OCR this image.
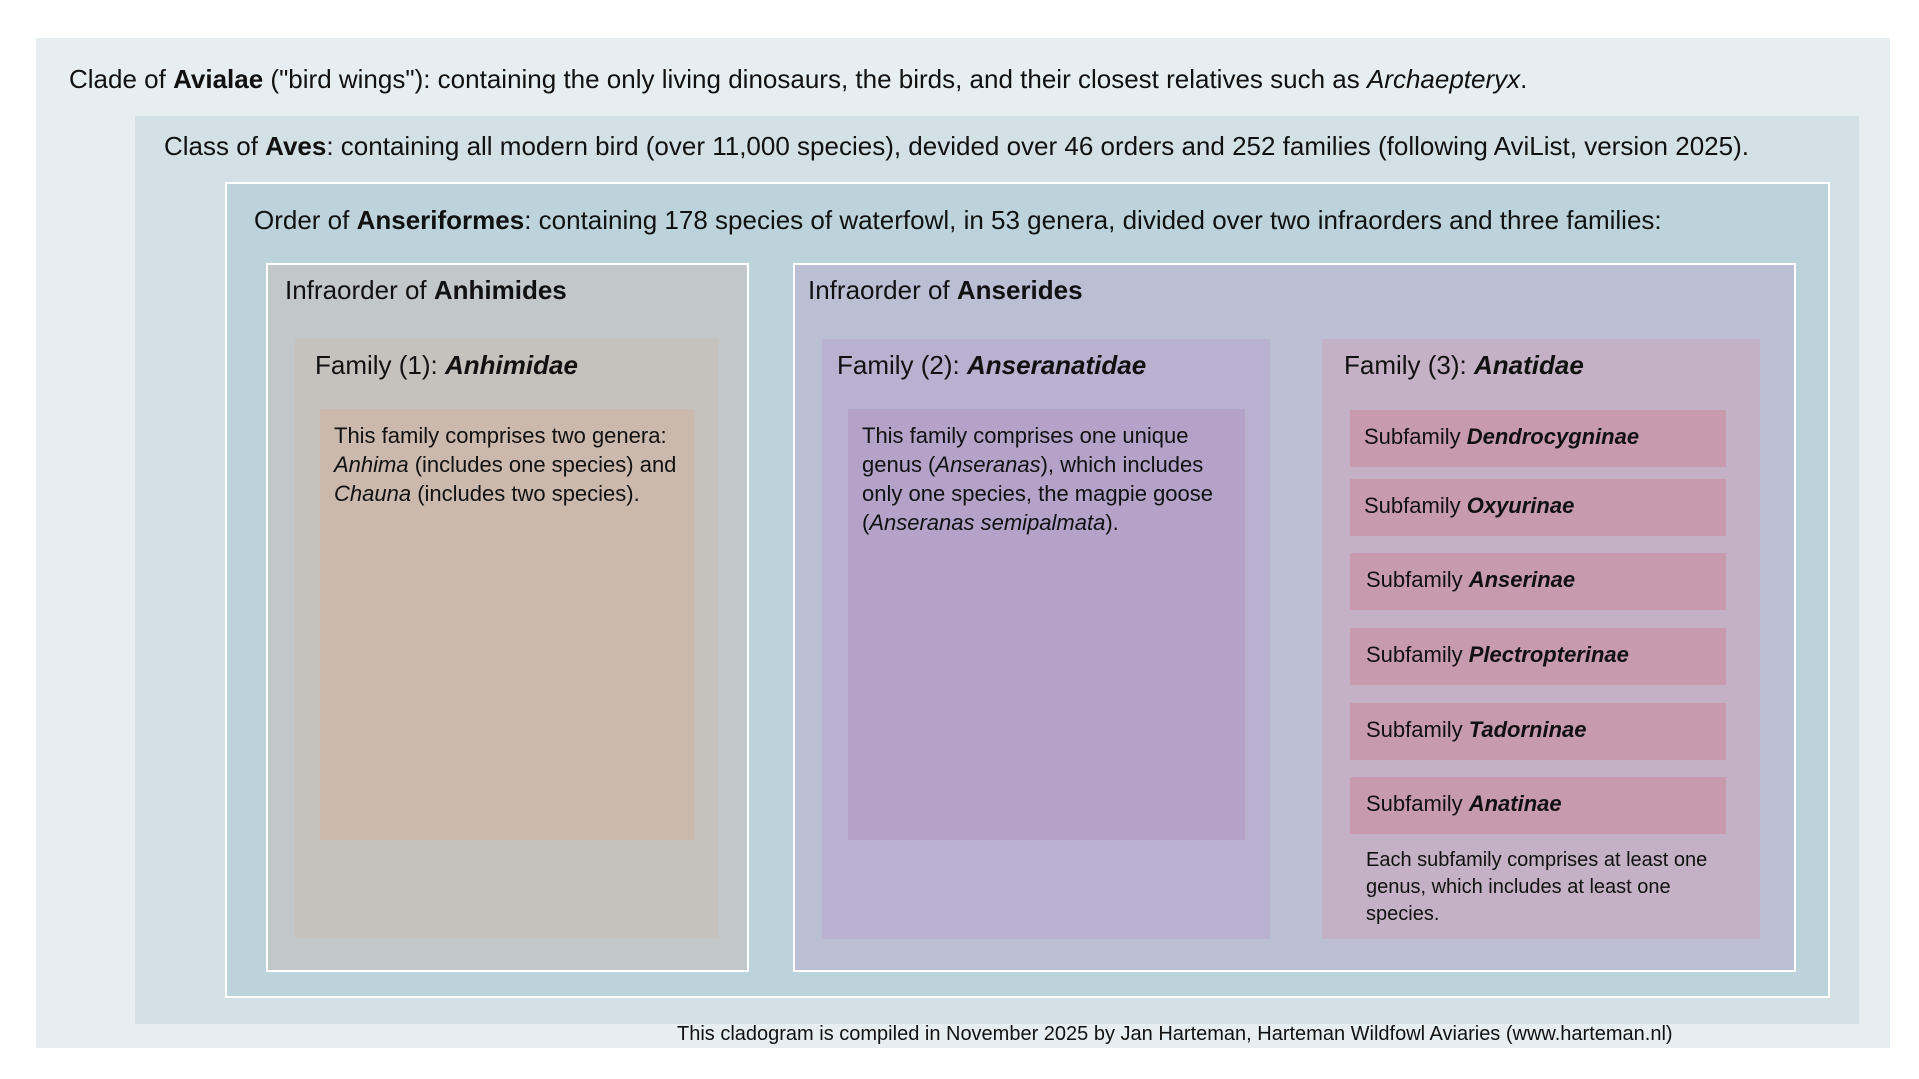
Clade of Avialae ("bird wings"): containing the only living dinosaurs, the birds, and their closest relatives such as Archaepteryx.
Class of Aves: containing all modern bird (over 11,000 species), devided over 46 orders and 252 families (following AviList, version 2025).
Order of Anseriformes: containing 178 species of waterfowl, in 53 genera, divided over two infraorders and three families:
Infraorder of Anhimides	Infraorder of Anserides
Family (1): Anhimidae
This family comprises two genera: Anhima (includes one species) and Chauna (includes two species).
Family (2): Anseranatidae
This family comprises one unique genus (Anseranas), which includes only one species, the magpie goose (Anseranas semipalmata).
Family (3): Anatidae
Subfamily Dendrocygninae
Subfamily Oxyurinae
Subfamily Anserinae
Subfamily Plectropterinae
Subfamily Tadorninae
Subfamily Anatinae
Each subfamily comprises at least one genus, which includes at least one species.
This cladogram is compiled in November 2025 by Jan Harteman, Harteman Wildfowl Aviaries (www.harteman.nl)
